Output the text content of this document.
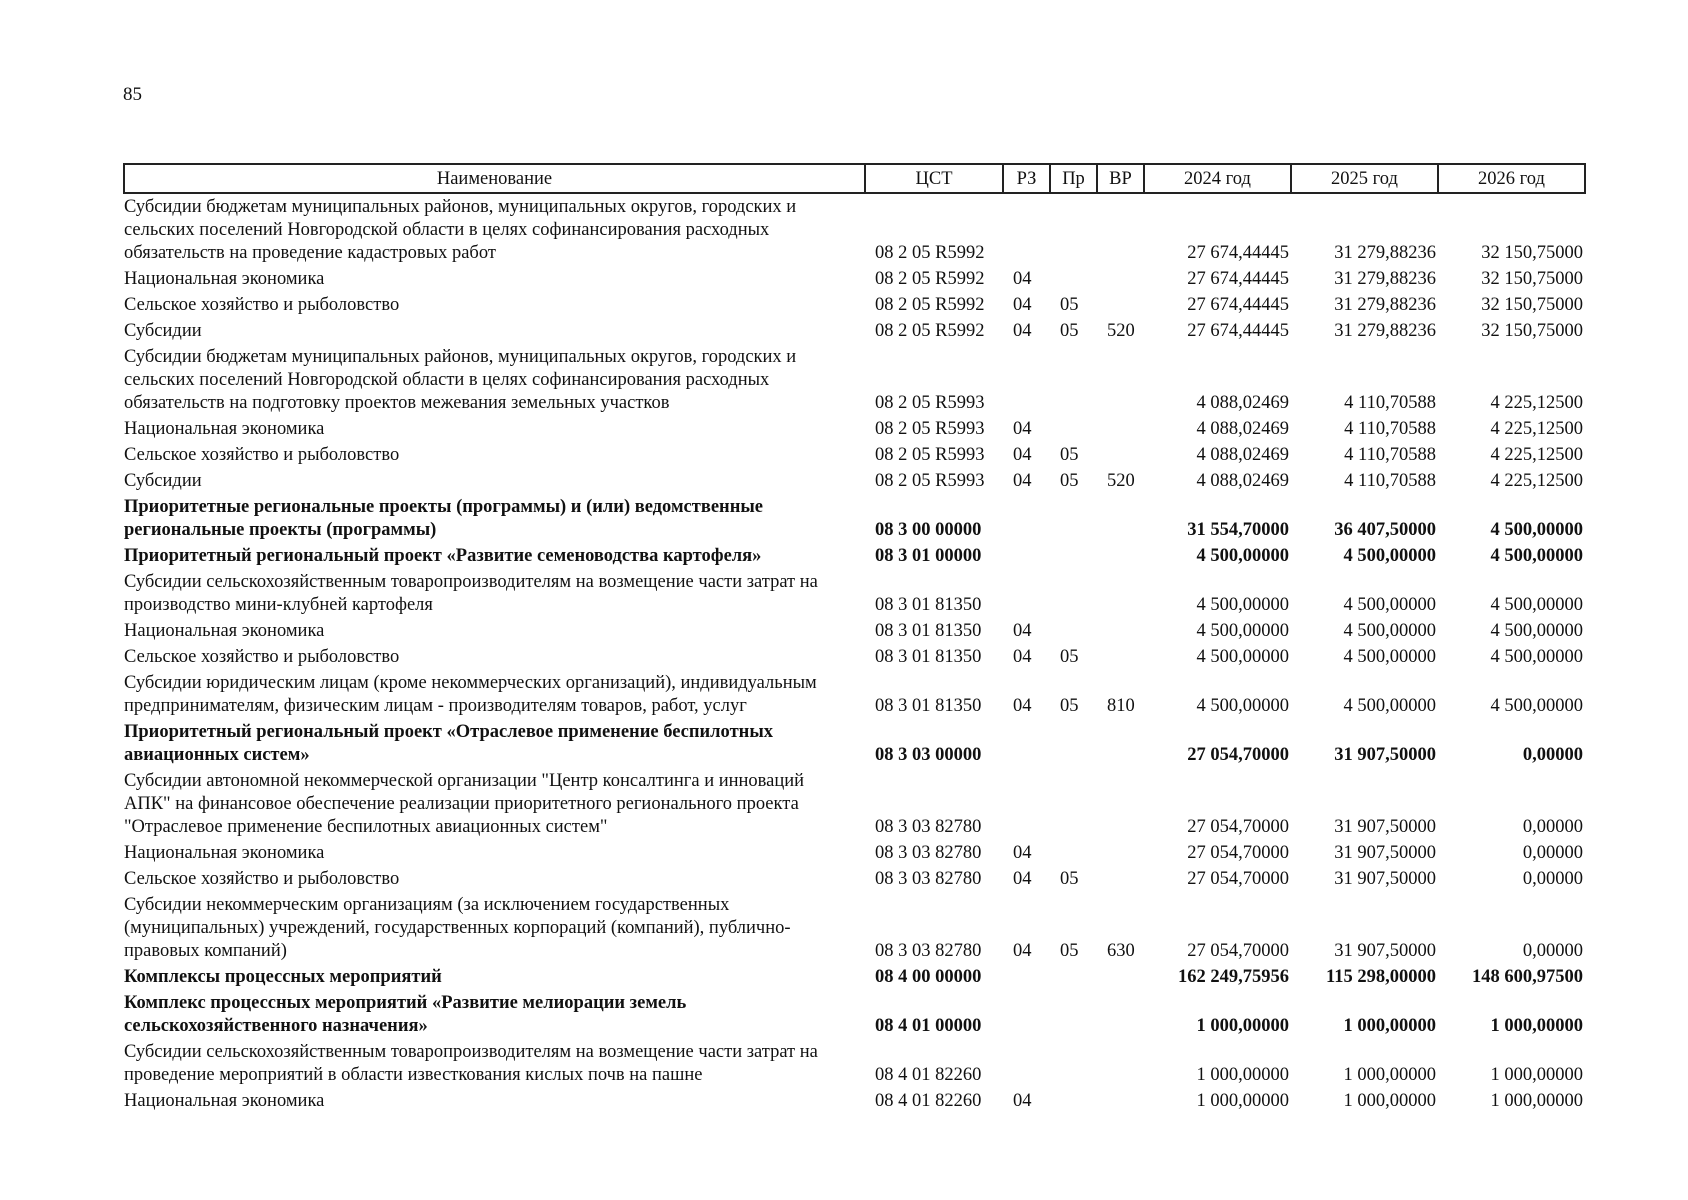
85
Наименование	ЦСТ	РЗ	Пр	ВР	2024 год	2025 год	2026 год
Субсидии бюджетам муниципальных районов, муниципальных округов, городских и сельских поселений Новгородской области в целях софинансирования расходных обязательств на проведение кадастровых работ	08 2 05 R5992				27 674,44445	31 279,88236	32 150,75000
Национальная экономика	08 2 05 R5992	04			27 674,44445	31 279,88236	32 150,75000
Сельское хозяйство и рыболовство	08 2 05 R5992	04	05		27 674,44445	31 279,88236	32 150,75000
Субсидии	08 2 05 R5992	04	05	520	27 674,44445	31 279,88236	32 150,75000
Субсидии бюджетам муниципальных районов, муниципальных округов, городских и сельских поселений Новгородской области в целях софинансирования расходных обязательств на подготовку проектов межевания земельных участков	08 2 05 R5993				4 088,02469	4 110,70588	4 225,12500
Национальная экономика	08 2 05 R5993	04			4 088,02469	4 110,70588	4 225,12500
Сельское хозяйство и рыболовство	08 2 05 R5993	04	05		4 088,02469	4 110,70588	4 225,12500
Субсидии	08 2 05 R5993	04	05	520	4 088,02469	4 110,70588	4 225,12500
Приоритетные региональные проекты (программы) и (или) ведомственные региональные проекты (программы)	08 3 00 00000				31 554,70000	36 407,50000	4 500,00000
Приоритетный региональный проект «Развитие семеноводства картофеля»	08 3 01 00000				4 500,00000	4 500,00000	4 500,00000
Субсидии сельскохозяйственным товаропроизводителям на возмещение части затрат на производство мини-клубней картофеля	08 3 01 81350				4 500,00000	4 500,00000	4 500,00000
Национальная экономика	08 3 01 81350	04			4 500,00000	4 500,00000	4 500,00000
Сельское хозяйство и рыболовство	08 3 01 81350	04	05		4 500,00000	4 500,00000	4 500,00000
Субсидии юридическим лицам (кроме некоммерческих организаций), индивидуальным предпринимателям, физическим лицам - производителям товаров, работ, услуг	08 3 01 81350	04	05	810	4 500,00000	4 500,00000	4 500,00000
Приоритетный региональный проект «Отраслевое применение беспилотных авиационных систем»	08 3 03 00000				27 054,70000	31 907,50000	0,00000
Субсидии автономной некоммерческой организации "Центр консалтинга и инноваций АПК" на финансовое обеспечение реализации приоритетного регионального проекта "Отраслевое применение беспилотных авиационных систем"	08 3 03 82780				27 054,70000	31 907,50000	0,00000
Национальная экономика	08 3 03 82780	04			27 054,70000	31 907,50000	0,00000
Сельское хозяйство и рыболовство	08 3 03 82780	04	05		27 054,70000	31 907,50000	0,00000
Субсидии некоммерческим организациям (за исключением государственных (муниципальных) учреждений, государственных корпораций (компаний), публично-правовых компаний)	08 3 03 82780	04	05	630	27 054,70000	31 907,50000	0,00000
Комплексы процессных мероприятий	08 4 00 00000				162 249,75956	115 298,00000	148 600,97500
Комплекс процессных мероприятий «Развитие мелиорации земель сельскохозяйственного назначения»	08 4 01 00000				1 000,00000	1 000,00000	1 000,00000
Субсидии сельскохозяйственным товаропроизводителям на возмещение части затрат на проведение мероприятий в области известкования кислых почв на пашне	08 4 01 82260				1 000,00000	1 000,00000	1 000,00000
Национальная экономика	08 4 01 82260	04			1 000,00000	1 000,00000	1 000,00000
